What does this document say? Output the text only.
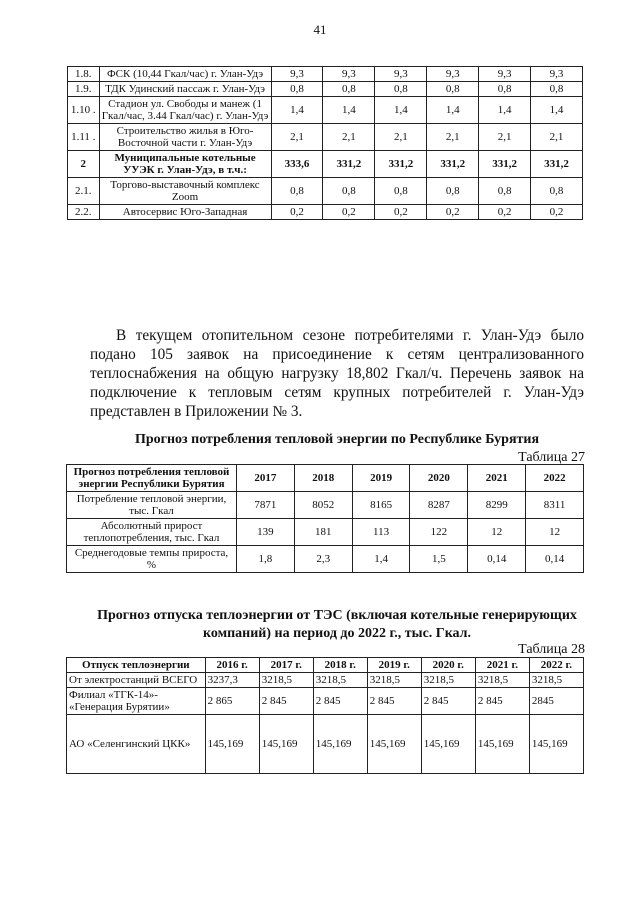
41
1.8.	ФСК (10,44 Гкал/час) г. Улан-Удэ	9,3	9,3	9,3	9,3	9,3	9,3
1.9.	ТДК Удинский пассаж г. Улан-Удэ	0,8	0,8	0,8	0,8	0,8	0,8
1.10 .	Стадион ул. Свободы и манеж (1 Гкал/час, 3.44 Гкал/час) г. Улан-Удэ	1,4	1,4	1,4	1,4	1,4	1,4
1.11 .	Строительство жилья в Юго-Восточной части г. Улан-Удэ	2,1	2,1	2,1	2,1	2,1	2,1
2	Муниципальные котельные УУЭК г. Улан-Удэ, в т.ч.:	333,6	331,2	331,2	331,2	331,2	331,2
2.1.	Торгово-выставочный комплекс Zoom	0,8	0,8	0,8	0,8	0,8	0,8
2.2.	Автосервис Юго-Западная	0,2	0,2	0,2	0,2	0,2	0,2
В текущем отопительном сезоне потребителями г. Улан-Удэ было подано 105 заявок на присоединение к сетям централизованного теплоснабжения на общую нагрузку 18,802 Гкал/ч. Перечень заявок на подключение к тепловым сетям крупных потребителей г. Улан-Удэ представлен в Приложении № 3.
Прогноз потребления тепловой энергии по Республике Бурятия
Таблица 27
Прогноз потребления тепловой энергии Республики Бурятия	2017	2018	2019	2020	2021	2022
Потребление тепловой энергии, тыс. Гкал	7871	8052	8165	8287	8299	8311
Абсолютный прирост теплопотребления, тыс. Гкал	139	181	113	122	12	12
Среднегодовые темпы прироста, %	1,8	2,3	1,4	1,5	0,14	0,14
Прогноз отпуска теплоэнергии от ТЭС (включая котельные генерирующих компаний) на период до 2022 г., тыс. Гкал.
Таблица 28
Отпуск теплоэнергии	2016 г.	2017 г.	2018 г.	2019 г.	2020 г.	2021 г.	2022 г.
От электростанций ВСЕГО	3237,3	3218,5	3218,5	3218,5	3218,5	3218,5	3218,5
Филиал «ТГК-14»- «Генерация Бурятии»	2 865	2 845	2 845	2 845	2 845	2 845	2845
АО «Селенгинский ЦКК»	145,169	145,169	145,169	145,169	145,169	145,169	145,169
